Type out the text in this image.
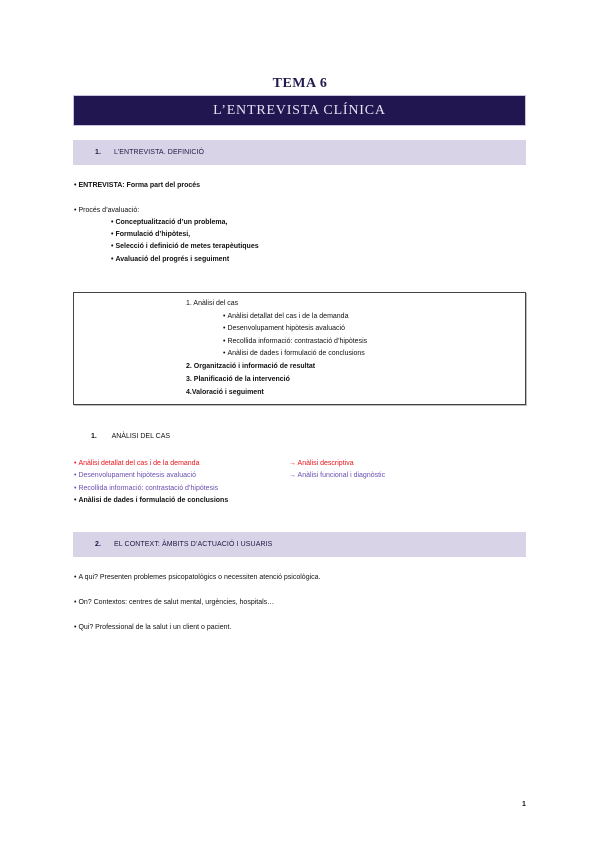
TEMA 6
L’ENTREVISTA CLÍNICA
1.	L’ENTREVISTA. DEFINICIÓ
• ENTREVISTA: Forma part del procés
• Procés d’avaluació:
• Conceptualització d’un problema,
• Formulació d’hipòtesi,
• Selecció i definició de metes terapèutiques
• Avaluació del progrés i seguiment
1. Anàlisi del cas
• Anàlisi detallat del cas i de la demanda
• Desenvolupament hipòtesis avaluació
• Recollida informació: contrastació d’hipòtesis
• Anàlisi de dades i formulació de conclusions
2. Organització i informació de resultat
3. Planificació de la intervenció
4.Valoració i seguiment
1. ANÀLISI DEL CAS
• Anàlisi detallat del cas i de la demanda	→ Anàlisi descriptiva
• Desenvolupament hipòtesis avaluació	→ Anàlisi funcional i diagnòstic
• Recollida informació: contrastació d’hipòtesis
• Anàlisi de dades i formulació de conclusions
2.	EL CONTEXT: ÀMBITS D’ACTUACIÓ I USUARIS
• A qui? Presenten problemes psicopatològics o necessiten atenció psicològica.
• On? Contextos: centres de salut mental, urgències, hospitals…
• Qui? Professional de la salut i un client o pacient.
1
